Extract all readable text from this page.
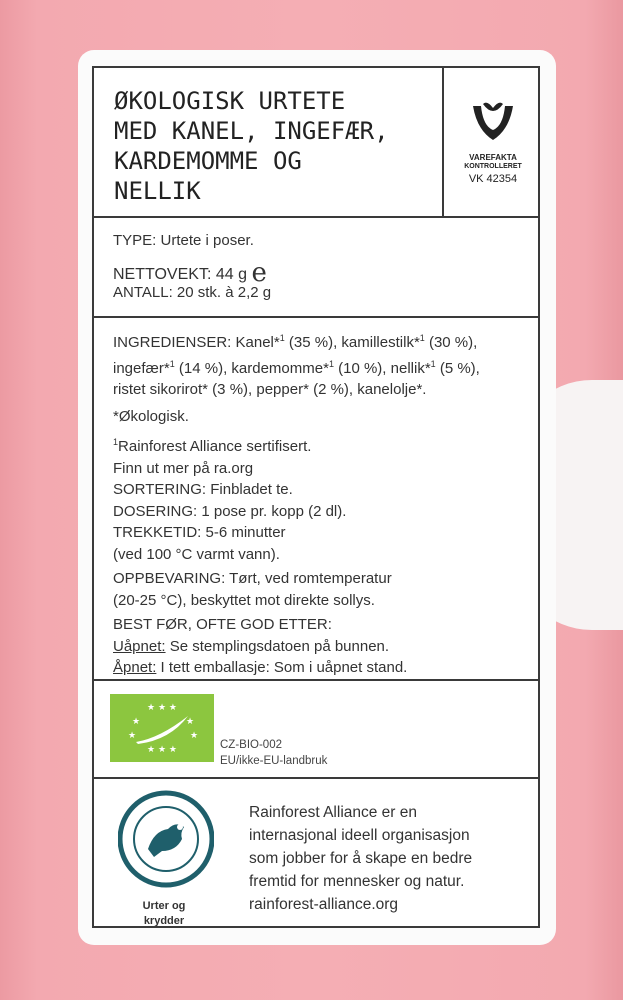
ØKOLOGISK URTETE
MED KANEL, INGEFÆR,
KARDEMOMME OG
NELLIK
VAREFAKTA
KONTROLLERET
VK 42354
TYPE: Urtete i poser.
NETTOVEKT: 44 g e
ANTALL: 20 stk. à 2,2 g
INGREDIENSER: Kanel*$^1$ (35 %), kamillestilk*$^1$ (30 %),
ingefær*$^1$ (14 %), kardemomme*$^1$ (10 %), nellik*$^1$ (5 %),
ristet sikorirot* (3 %), pepper* (2 %), kanelolje*.
*Økologisk.
$^1$Rainforest Alliance sertifisert.
Finn ut mer på ra.org
SORTERING: Finbladet te.
DOSERING: 1 pose pr. kopp (2 dl).
TREKKETID: 5-6 minutter
(ved 100 °C varmt vann).
OPPBEVARING: Tørt, ved romtemperatur
(20-25 °C), beskyttet mot direkte sollys.
BEST FØR, OFTE GOD ETTER:
Uåpnet: Se stemplingsdatoen på bunnen.
Åpnet: I tett emballasje: Som i uåpnet stand.
★ ★ ★
★	★
★	★
★ ★ ★	CZ-BIO-002
EU/ikke-EU-landbruk
Urter og
krydder
Rainforest Alliance er en
internasjonal ideell organisasjon
som jobber for å skape en bedre
fremtid for mennesker og natur.
rainforest-alliance.org
